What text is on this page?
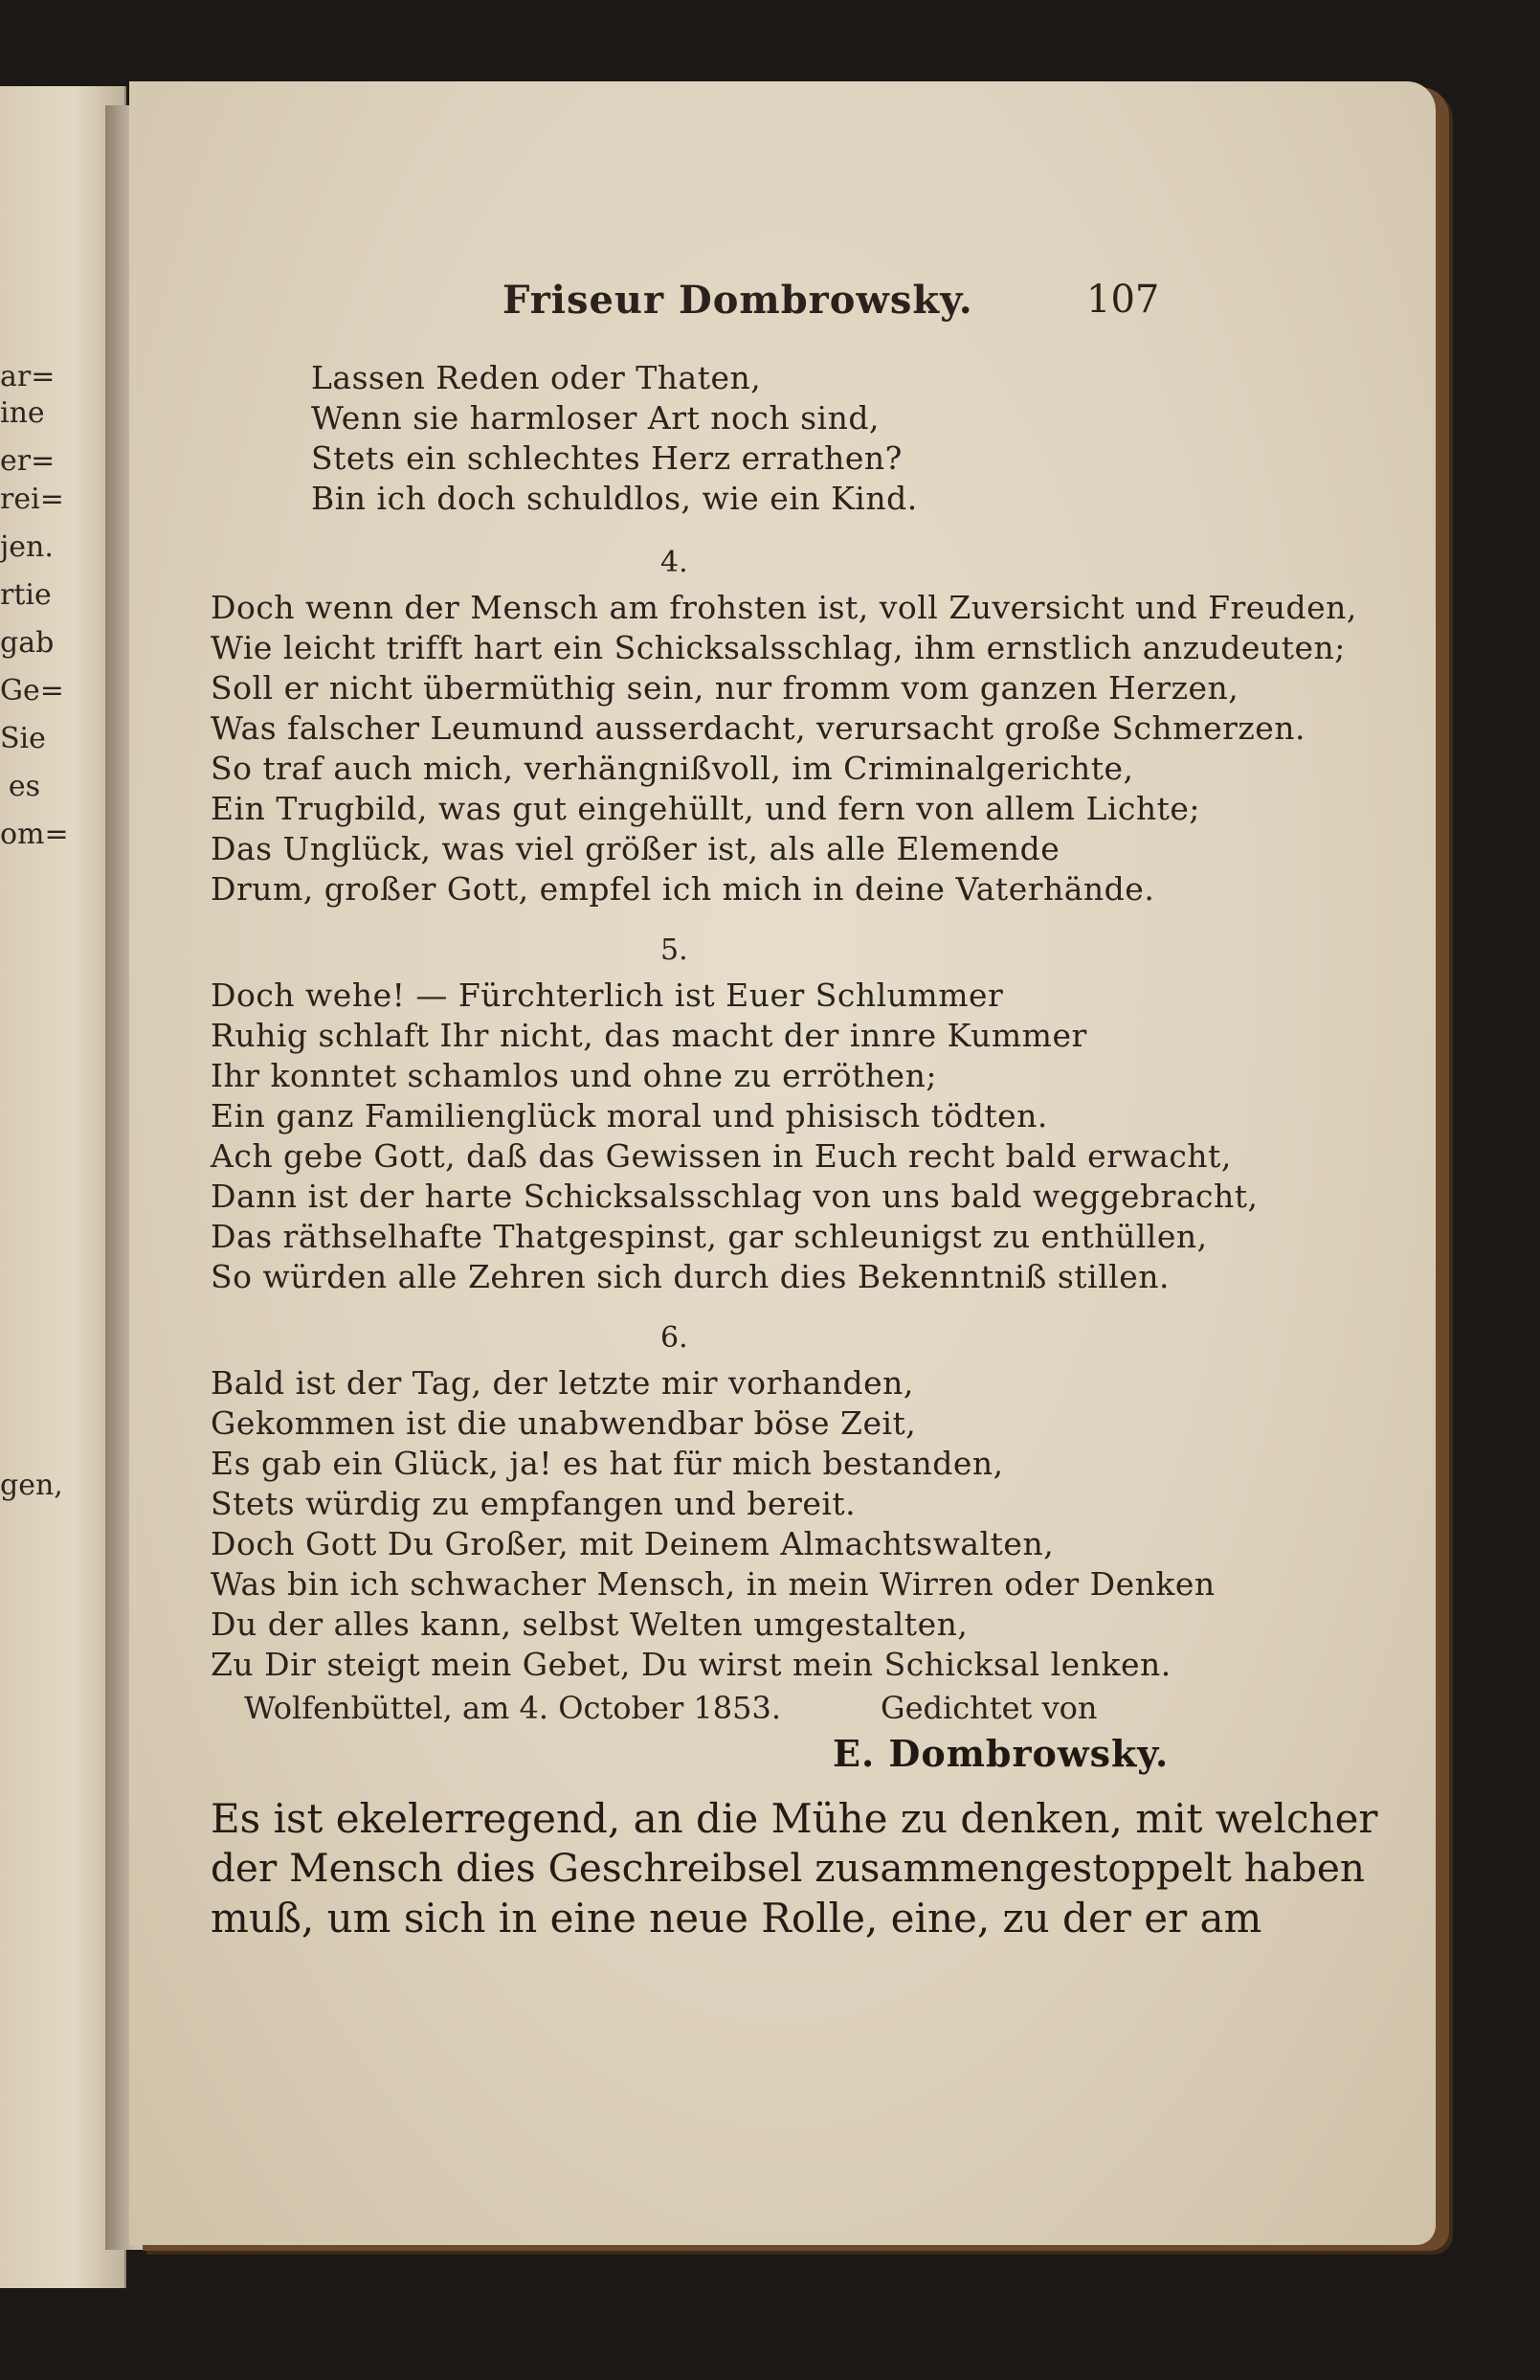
ar=
ine
er=
rei=
jen.
rtie
gab
Ge=
Sie
es
om=
gen,
Friseur Dombrowsky.	107
Lassen Reden oder Thaten,
Wenn sie harmloser Art noch sind,
Stets ein schlechtes Herz errathen?
Bin ich doch schuldlos, wie ein Kind.
4.
Doch wenn der Mensch am frohsten ist, voll Zuversicht und Freuden,
Wie leicht trifft hart ein Schicksalsschlag, ihm ernstlich anzudeuten;
Soll er nicht übermüthig sein, nur fromm vom ganzen Herzen,
Was falscher Leumund ausserdacht, verursacht große Schmerzen.
So traf auch mich, verhängnißvoll, im Criminalgerichte,
Ein Trugbild, was gut eingehüllt, und fern von allem Lichte;
Das Unglück, was viel größer ist, als alle Elemende
Drum, großer Gott, empfel ich mich in deine Vaterhände.
5.
Doch wehe! — Fürchterlich ist Euer Schlummer
Ruhig schlaft Ihr nicht, das macht der innre Kummer
Ihr konntet schamlos und ohne zu erröthen;
Ein ganz Familienglück moral und phisisch tödten.
Ach gebe Gott, daß das Gewissen in Euch recht bald erwacht,
Dann ist der harte Schicksalsschlag von uns bald weggebracht,
Das räthselhafte Thatgespinst, gar schleunigst zu enthüllen,
So würden alle Zehren sich durch dies Bekenntniß stillen.
6.
Bald ist der Tag, der letzte mir vorhanden,
Gekommen ist die unabwendbar böse Zeit,
Es gab ein Glück, ja! es hat für mich bestanden,
Stets würdig zu empfangen und bereit.
Doch Gott Du Großer, mit Deinem Almachtswalten,
Was bin ich schwacher Mensch, in mein Wirren oder Denken
Du der alles kann, selbst Welten umgestalten,
Zu Dir steigt mein Gebet, Du wirst mein Schicksal lenken.
Wolfenbüttel, am 4. October 1853.	Gedichtet von
E. Dombrowsky.
Es ist ekelerregend, an die Mühe zu denken, mit welcher
der Mensch dies Geschreibsel zusammengestoppelt haben
muß, um sich in eine neue Rolle, eine, zu der er am
